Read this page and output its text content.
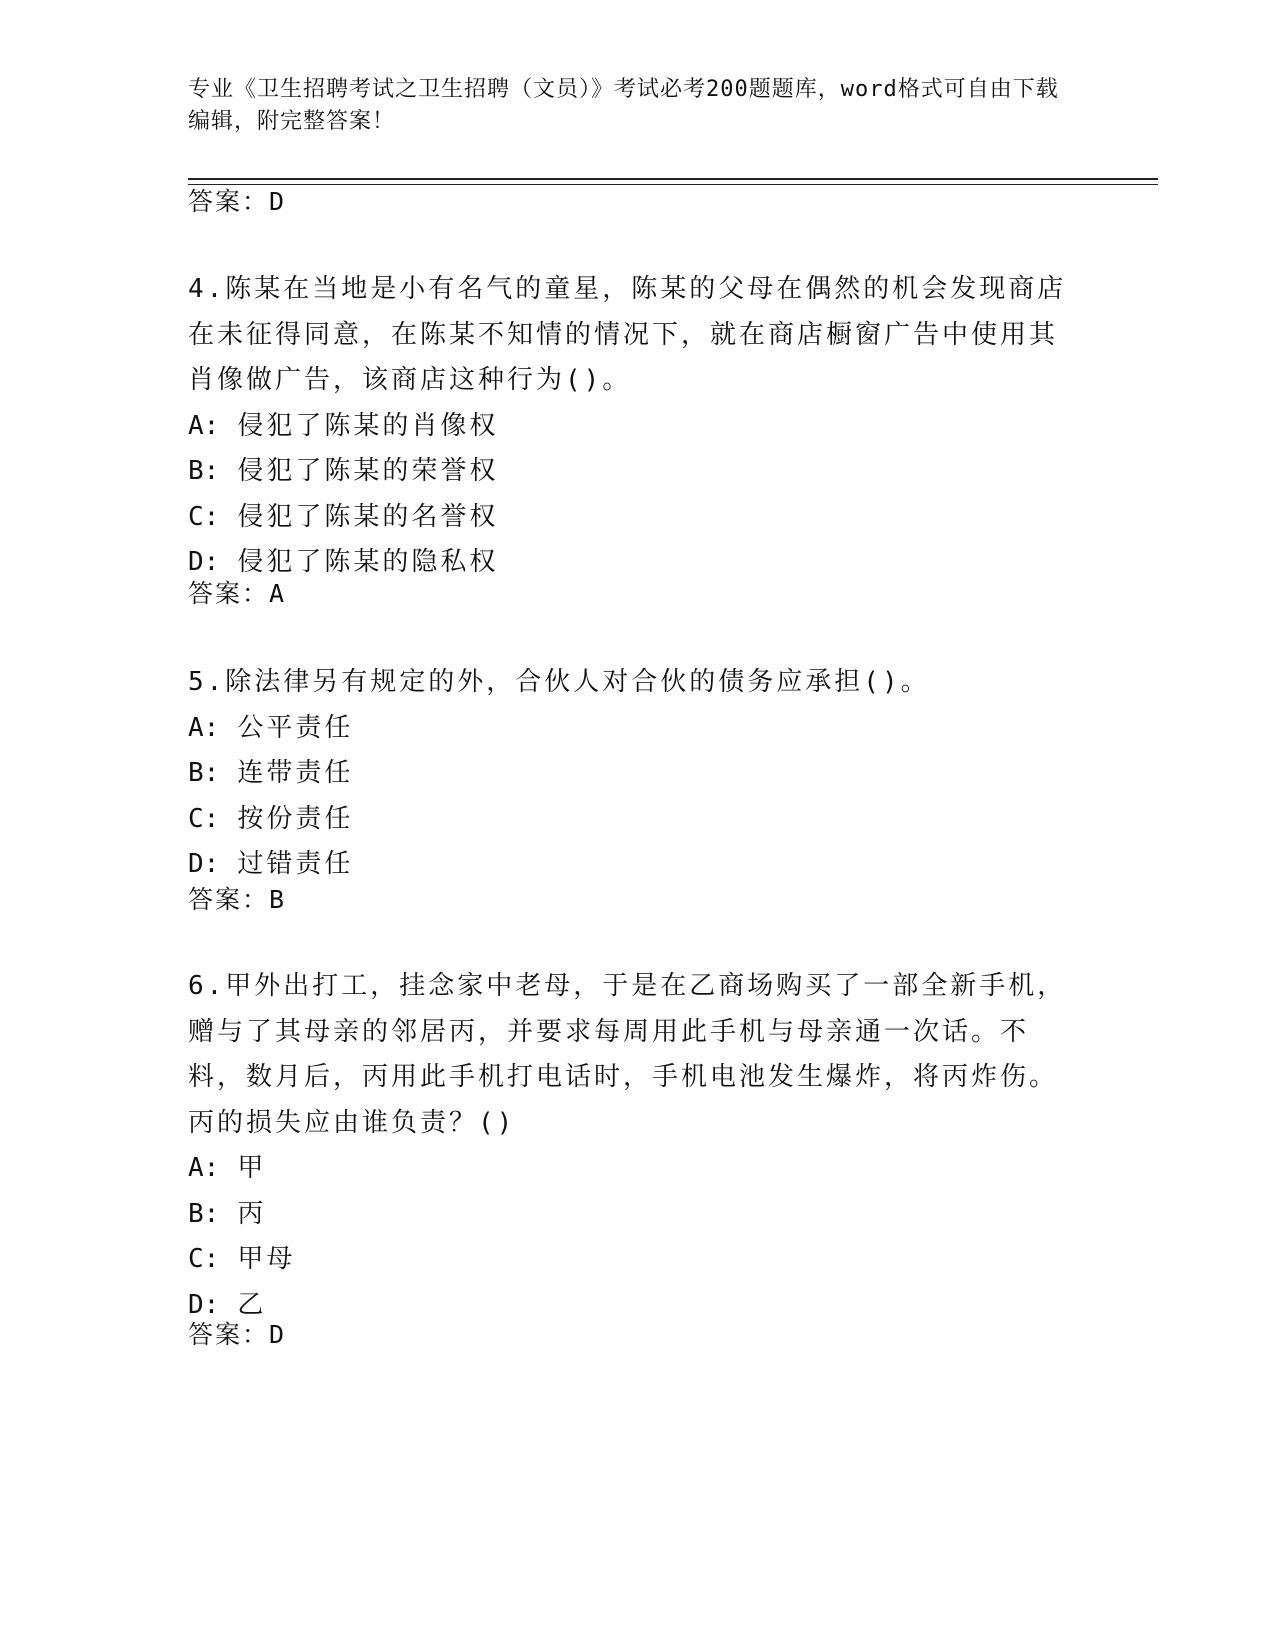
专业《卫生招聘考试之卫生招聘（文员）》考试必考200题题库，word格式可自由下载编辑，附完整答案！

答案：D

4.陈某在当地是小有名气的童星，陈某的父母在偶然的机会发现商店在未征得同意，在陈某不知情的情况下，就在商店橱窗广告中使用其肖像做广告，该商店这种行为()。

A: 侵犯了陈某的肖像权

B: 侵犯了陈某的荣誉权

C: 侵犯了陈某的名誉权

D: 侵犯了陈某的隐私权

答案：A

5.除法律另有规定的外，合伙人对合伙的债务应承担()。

A: 公平责任

B: 连带责任

C: 按份责任

D: 过错责任

答案：B

6.甲外出打工，挂念家中老母，于是在乙商场购买了一部全新手机，赠与了其母亲的邻居丙，并要求每周用此手机与母亲通一次话。不料，数月后，丙用此手机打电话时，手机电池发生爆炸，将丙炸伤。丙的损失应由谁负责？()

A: 甲

B: 丙

C: 甲母

D: 乙

答案：D
